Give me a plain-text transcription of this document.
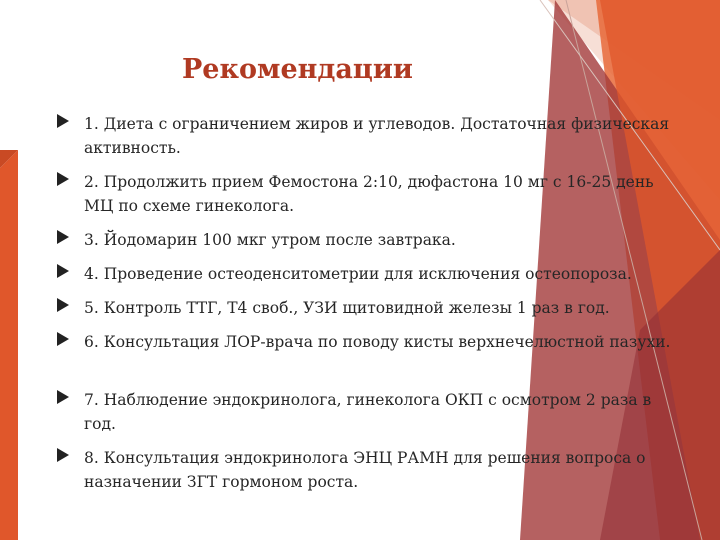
Рекомендации
1. Диета с ограничением жиров и углеводов. Достаточная физическая активность.
2. Продолжить прием Фемостона 2:10, дюфастона 10 мг с 16-25 день МЦ по схеме гинеколога.
3. Йодомарин 100 мкг утром после завтрака.
4. Проведение остеоденситометрии для исключения остеопороза.
5. Контроль ТТГ, Т4 своб., УЗИ щитовидной железы 1 раз в год.
6. Консультация ЛОР-врача по поводу кисты верхнечелюстной пазухи.
7. Наблюдение эндокринолога, гинеколога ОКП с осмотром 2 раза в год.
8. Консультация эндокринолога ЭНЦ РАМН для решения вопроса о назначении ЗГТ гормоном роста.
